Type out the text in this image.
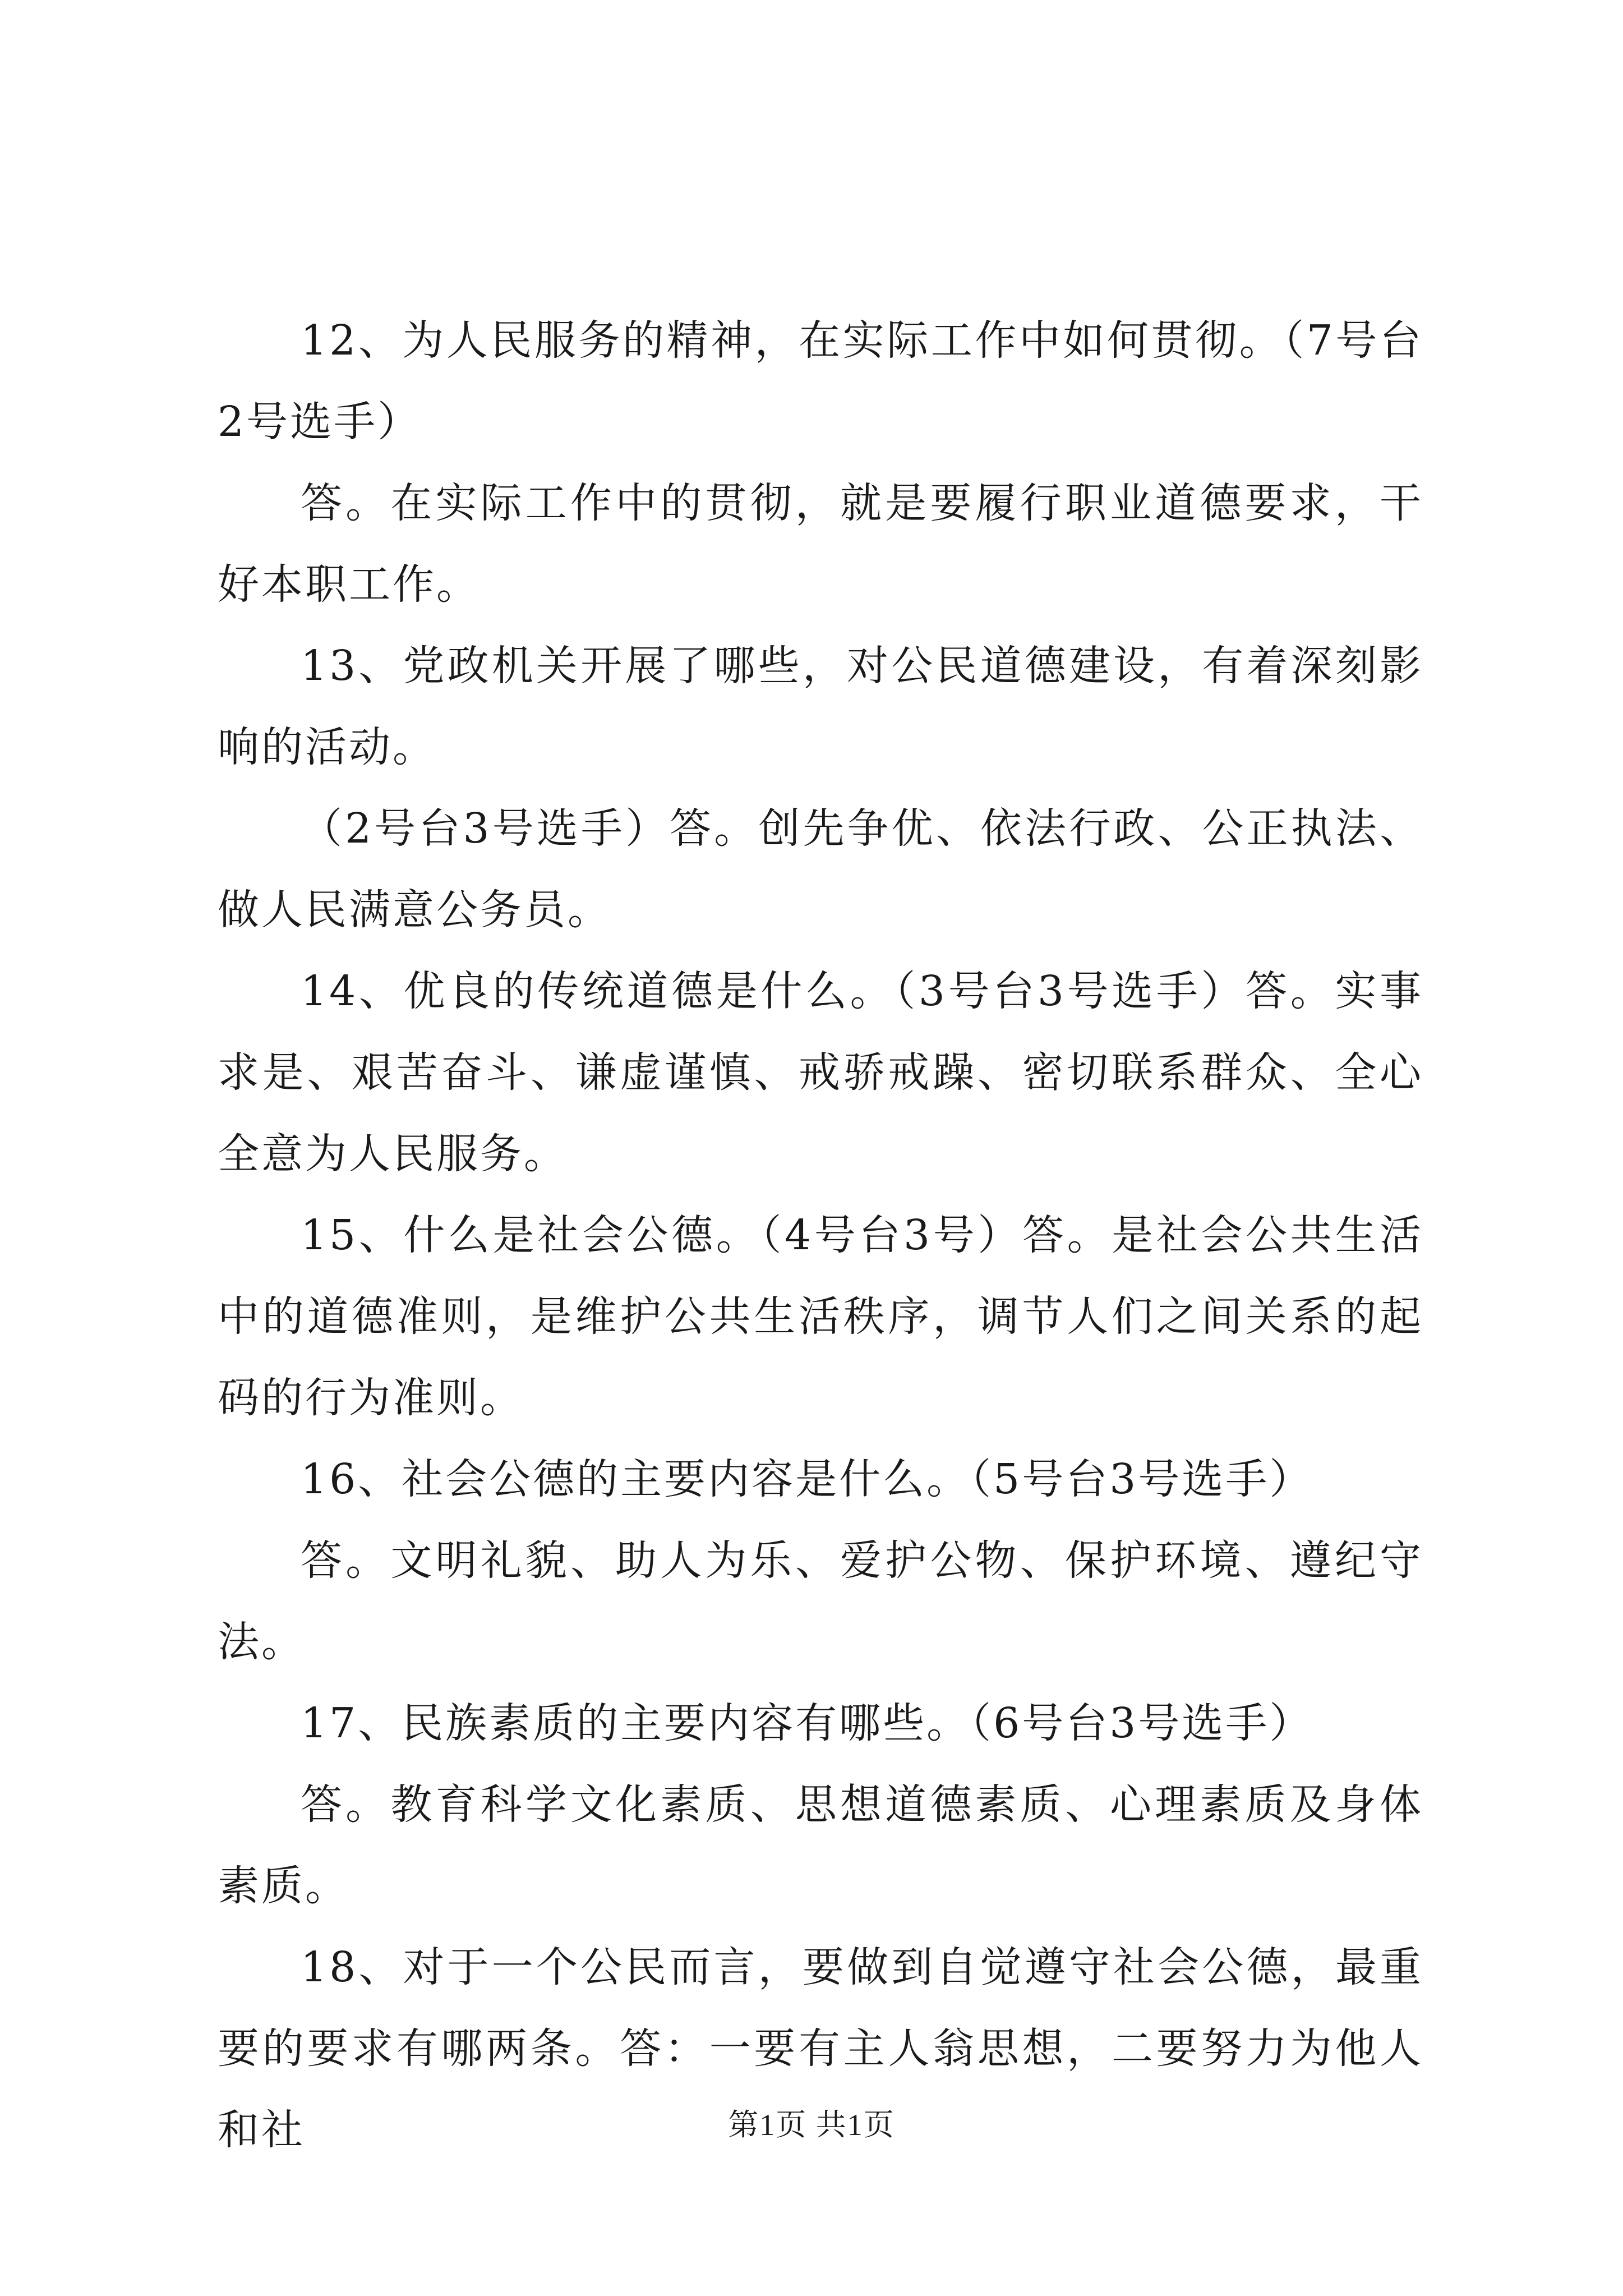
12、为人民服务的精神，在实际工作中如何贯彻。（7号台2号选手）

答。在实际工作中的贯彻，就是要履行职业道德要求，干好本职工作。

13、党政机关开展了哪些，对公民道德建设，有着深刻影响的活动。

（2号台3号选手）答。创先争优、依法行政、公正执法、做人民满意公务员。

14、优良的传统道德是什么。（3号台3号选手）答。实事求是、艰苦奋斗、谦虚谨慎、戒骄戒躁、密切联系群众、全心全意为人民服务。

15、什么是社会公德。（4号台3号）答。是社会公共生活中的道德准则，是维护公共生活秩序，调节人们之间关系的起码的行为准则。

16、社会公德的主要内容是什么。（5号台3号选手）

答。文明礼貌、助人为乐、爱护公物、保护环境、遵纪守法。

17、民族素质的主要内容有哪些。（6号台3号选手）

答。教育科学文化素质、思想道德素质、心理素质及身体素质。

18、对于一个公民而言，要做到自觉遵守社会公德，最重要的要求有哪两条。答：一要有主人翁思想，二要努力为他人和社	第1页 共1页
